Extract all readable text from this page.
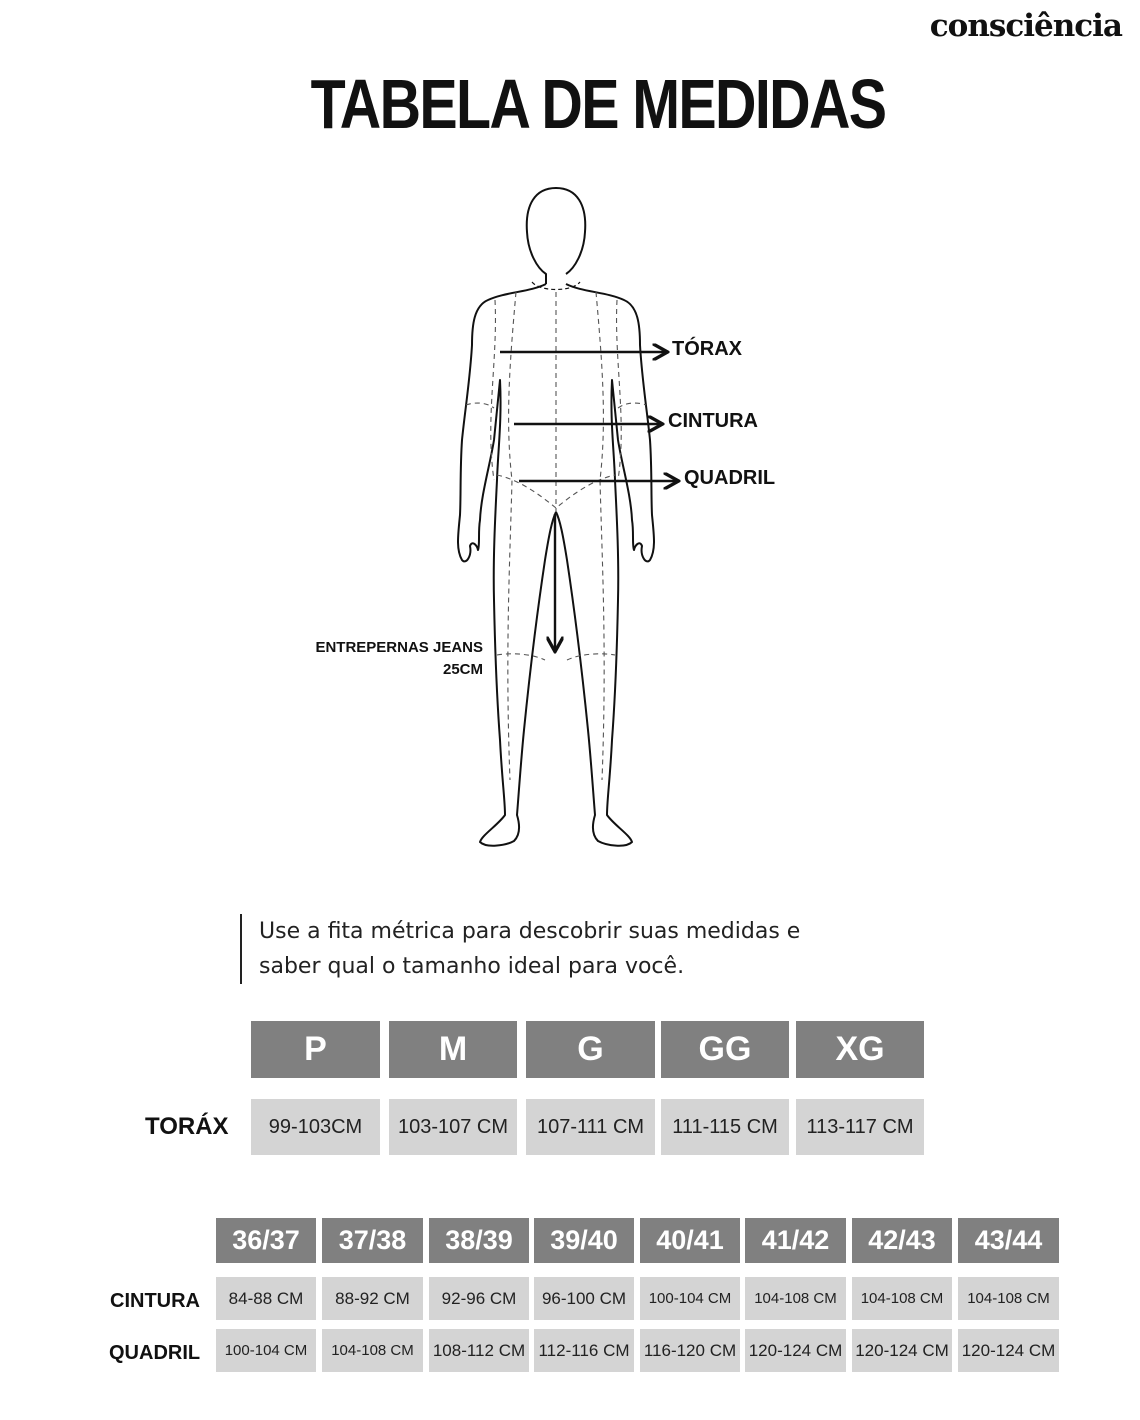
consciência
TABELA DE MEDIDAS
TÓRAX
CINTURA
QUADRIL
ENTREPERNAS JEANS
25CM
Use a fita métrica para descobrir suas medidas e
saber qual o tamanho ideal para você.
P	M	G	GG	XG
TORÁX	99-103CM	103-107 CM	107-111 CM	111-115 CM	113-117 CM
36/37	37/38	38/39	39/40	40/41	41/42	42/43	43/44
CINTURA	84-88 CM	88-92 CM	92-96 CM	96-100 CM	100-104 CM	104-108 CM	104-108 CM	104-108 CM
QUADRIL	100-104 CM	104-108 CM	108-112 CM 112-116 CM 116-120 CM 120-124 CM 120-124 CM 120-124 CM
